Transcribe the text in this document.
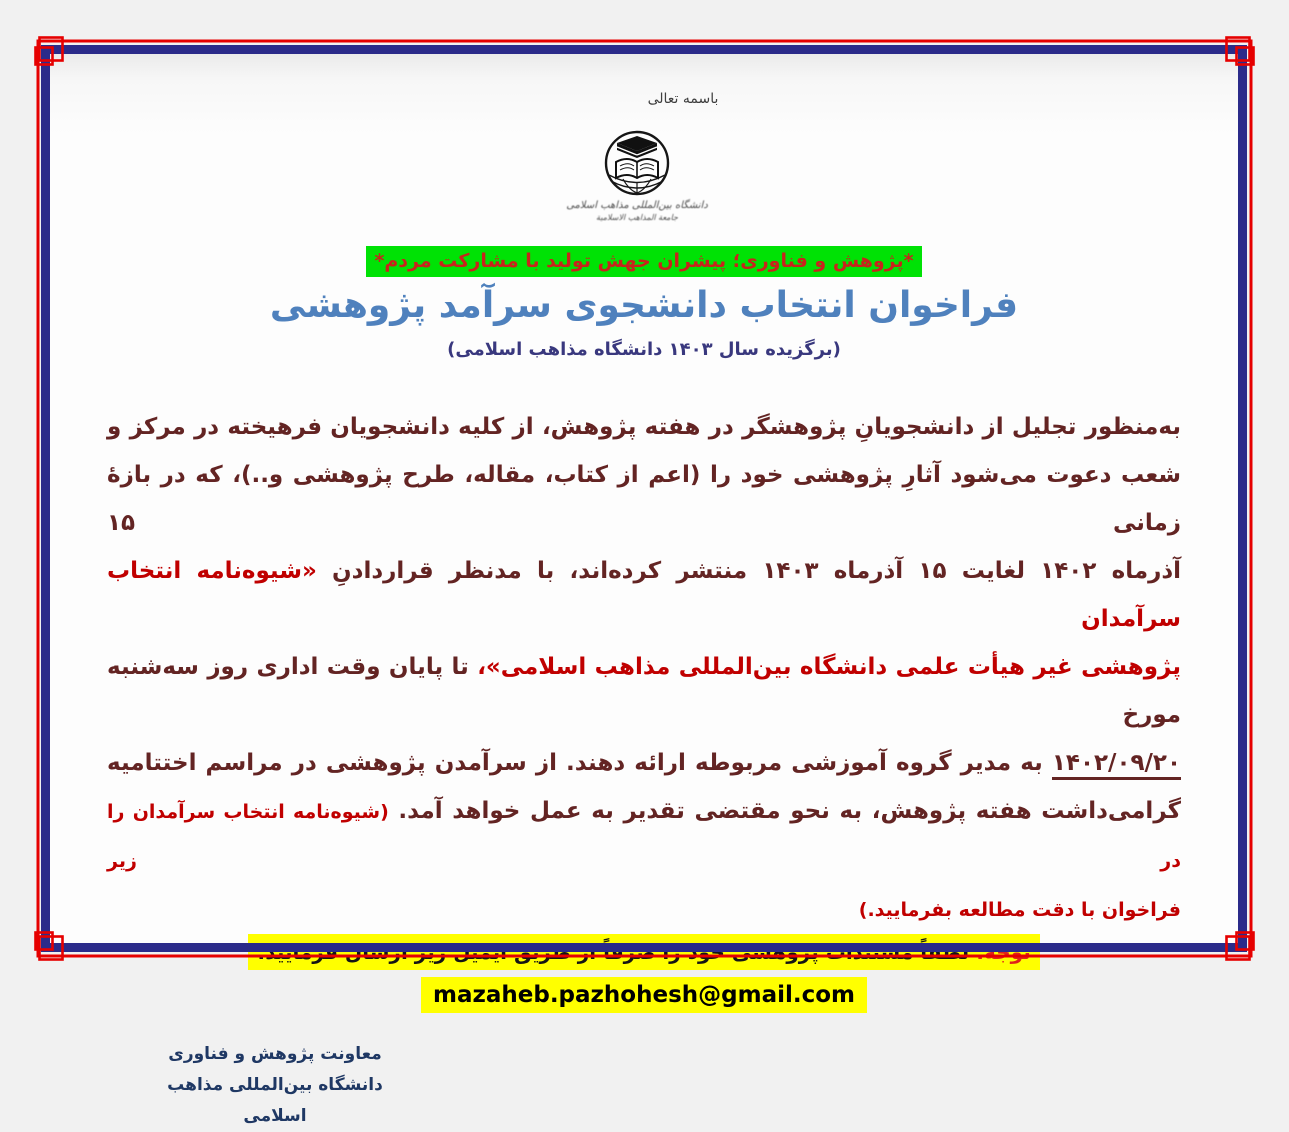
باسمه تعالی
دانشگاه بین‌المللی مذاهب اسلامی
جامعة المذاهب الاسلامیة
*پژوهش و فناوری؛ پیشران جهش تولید با مشارکت مردم*
فراخوان انتخاب دانشجوی سرآمد پژوهشی
(برگزیده سال ۱۴۰۳ دانشگاه مذاهب اسلامی)
به‌منظور تجلیل از دانشجویانِ پژوهشگر در هفته پژوهش، از کلیه دانشجویان فرهیخته در مرکز و
شعب دعوت می‌شود آثارِ پژوهشی خود را (اعم از کتاب، مقاله، طرح پژوهشی و..)، که در بازۀ زمانی ۱۵
آذرماه ۱۴۰۲ لغایت ۱۵ آذرماه ۱۴۰۳ منتشر کرده‌اند، با مدنظر قراردادنِ «شیوه‌نامه انتخاب سرآمدان
پژوهشی غیر هیأت علمی دانشگاه بین‌المللی مذاهب اسلامی»، تا پایان وقت اداری روز سه‌شنبه مورخ
۱۴۰۲/۰۹/۲۰ به مدیر گروه آموزشی مربوطه ارائه دهند. از سرآمدن پژوهشی در مراسم اختتامیه
گرامی‌داشت هفته پژوهش، به نحو مقتضی تقدیر به عمل خواهد آمد. (شیوه‌نامه انتخاب سرآمدان را در زیر
فراخوان با دقت مطالعه بفرمایید.)
توجه: لطفاً مستندات پژوهشی خود را صرفاً از طریق ایمیل زیر ارسال فرمایید:
mazaheb.pazhohesh@gmail.com
معاونت پژوهش و فناوری
دانشگاه بین‌المللی مذاهب اسلامی
